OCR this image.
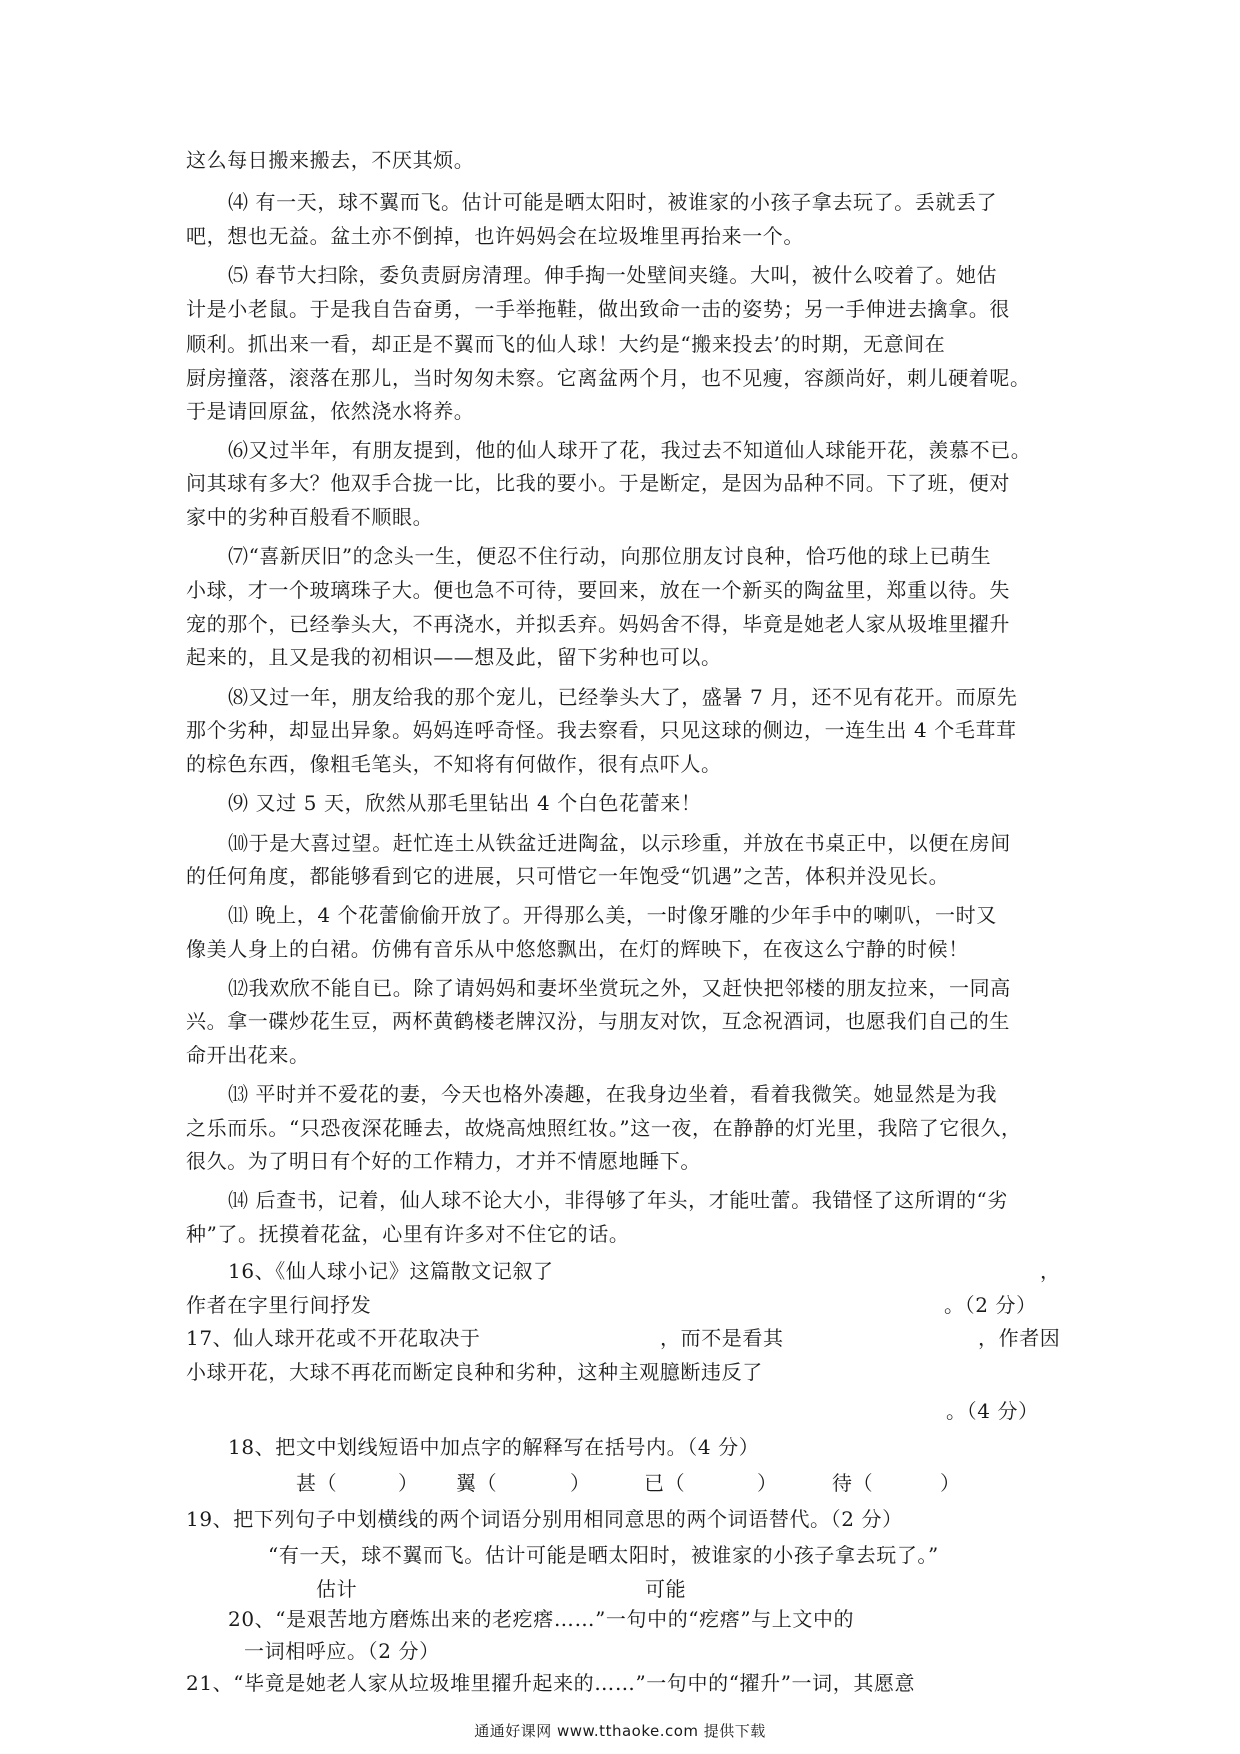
这么每日搬来搬去，不厌其烦。
⑷ 有一天，球不翼而飞。估计可能是晒太阳时，被谁家的小孩子拿去玩了。丢就丢了
吧，想也无益。盆土亦不倒掉，也许妈妈会在垃圾堆里再抬来一个。
⑸ 春节大扫除，委负责厨房清理。伸手掏一处壁间夹缝。大叫，被什么咬着了。她估
计是小老鼠。于是我自告奋勇，一手举拖鞋，做出致命一击的姿势；另一手伸进去擒拿。很
顺利。抓出来一看，却正是不翼而飞的仙人球！大约是“搬来投去’的时期，无意间在
厨房撞落，滚落在那儿，当时匆匆未察。它离盆两个月，也不见瘦，容颜尚好，刺儿硬着呢。
于是请回原盆，依然浇水将养。
⑹又过半年，有朋友提到，他的仙人球开了花，我过去不知道仙人球能开花，羡慕不已。
问其球有多大？他双手合拢一比，比我的要小。于是断定，是因为品种不同。下了班，便对
家中的劣种百般看不顺眼。
⑺“喜新厌旧”的念头一生，便忍不住行动，向那位朋友讨良种，恰巧他的球上已萌生
小球，才一个玻璃珠子大。便也急不可待，要回来，放在一个新买的陶盆里，郑重以待。失
宠的那个，已经拳头大，不再浇水，并拟丢弃。妈妈舍不得，毕竟是她老人家从圾堆里擢升
起来的，且又是我的初相识——想及此，留下劣种也可以。
⑻又过一年，朋友给我的那个宠儿，已经拳头大了，盛暑 7 月，还不见有花开。而原先
那个劣种，却显出异象。妈妈连呼奇怪。我去察看，只见这球的侧边，一连生出 4 个毛茸茸
的棕色东西，像粗毛笔头，不知将有何做作，很有点吓人。
⑼ 又过 5 天，欣然从那毛里钻出 4 个白色花蕾来！
⑽于是大喜过望。赶忙连土从铁盆迁进陶盆，以示珍重，并放在书桌正中，以便在房间
的任何角度，都能够看到它的进展，只可惜它一年饱受“饥遇”之苦，体积并没见长。
⑾ 晚上，4 个花蕾偷偷开放了。开得那么美，一时像牙雕的少年手中的喇叭，一时又
像美人身上的白裙。仿佛有音乐从中悠悠飘出，在灯的辉映下，在夜这么宁静的时候！
⑿我欢欣不能自已。除了请妈妈和妻坏坐赏玩之外，又赶快把邻楼的朋友拉来，一同高
兴。拿一碟炒花生豆，两杯黄鹤楼老牌汉汾，与朋友对饮，互念祝酒词，也愿我们自己的生
命开出花来。
⒀ 平时并不爱花的妻，今天也格外凑趣，在我身边坐着，看着我微笑。她显然是为我
之乐而乐。“只恐夜深花睡去，故烧高烛照红妆。”这一夜，在静静的灯光里，我陪了它很久，
很久。为了明日有个好的工作精力，才并不情愿地睡下。
⒁ 后查书，记着，仙人球不论大小，非得够了年头，才能吐蕾。我错怪了这所谓的“劣
种”了。抚摸着花盆，心里有许多对不住它的话。
16、《仙人球小记》这篇散文记叙了	，
作者在字里行间抒发	。（2 分）
17、仙人球开花或不开花取决于	，而不是看其	，作者因
小球开花，大球不再花而断定良种和劣种，这种主观臆断违反了
。（4 分）
18、把文中划线短语中加点字的解释写在括号内。（4 分）
甚（	） 翼（	）	已（	）	待（	）
19、把下列句子中划横线的两个词语分别用相同意思的两个词语替代。（2 分）
“有一天，球不翼而飞。估计可能是晒太阳时，被谁家的小孩子拿去玩了。”
估计	可能
20、“是艰苦地方磨炼出来的老疙瘩……”一句中的“疙瘩”与上文中的
一词相呼应。（2 分）
21、“毕竟是她老人家从垃圾堆里擢升起来的……”一句中的“擢升”一词，其愿意
通通好课网 www.tthaoke.com 提供下载
